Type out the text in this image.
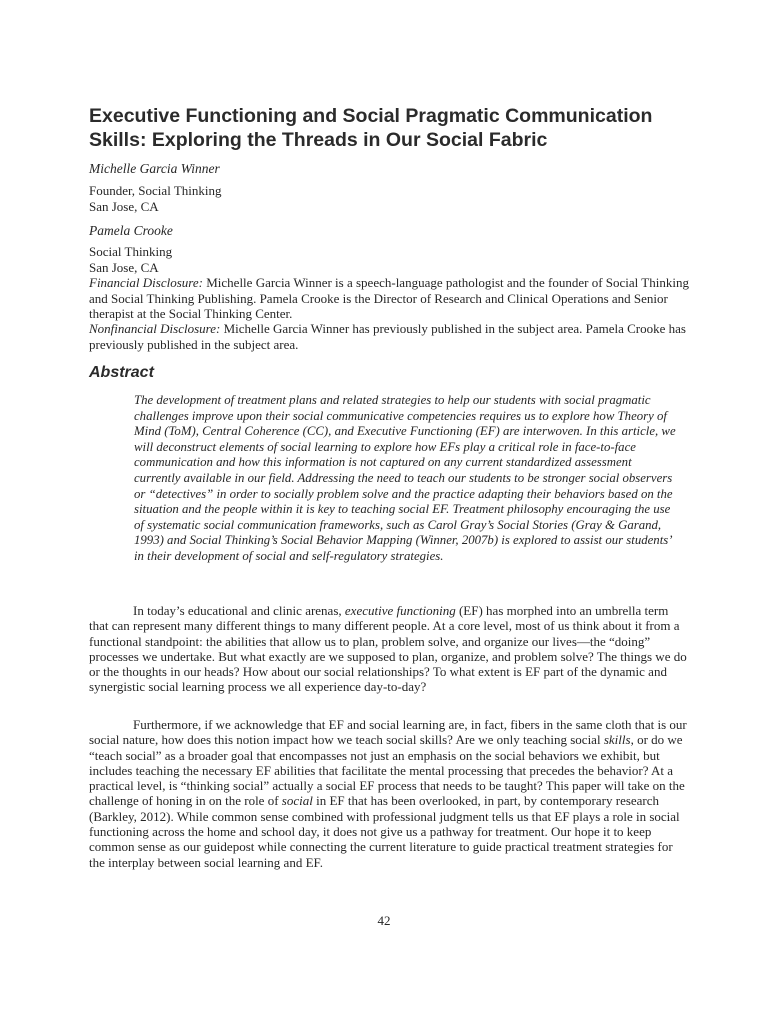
Executive Functioning and Social Pragmatic Communication Skills: Exploring the Threads in Our Social Fabric

Michelle Garcia Winner

Founder, Social Thinking

San Jose, CA

Pamela Crooke

Social Thinking

San Jose, CA

Financial Disclosure: Michelle Garcia Winner is a speech-language pathologist and the founder of Social Thinking and Social Thinking Publishing. Pamela Crooke is the Director of Research and Clinical Operations and Senior therapist at the Social Thinking Center.

Nonfinancial Disclosure: Michelle Garcia Winner has previously published in the subject area. Pamela Crooke has previously published in the subject area.

Abstract

The development of treatment plans and related strategies to help our students with social pragmatic challenges improve upon their social communicative competencies requires us to explore how Theory of Mind (ToM), Central Coherence (CC), and Executive Functioning (EF) are interwoven. In this article, we will deconstruct elements of social learning to explore how EFs play a critical role in face-to-face communication and how this information is not captured on any current standardized assessment currently available in our field. Addressing the need to teach our students to be stronger social observers or “detectives” in order to socially problem solve and the practice adapting their behaviors based on the situation and the people within it is key to teaching social EF. Treatment philosophy encouraging the use of systematic social communication frameworks, such as Carol Gray’s Social Stories (Gray & Garand, 1993) and Social Thinking’s Social Behavior Mapping (Winner, 2007b) is explored to assist our students’ in their development of social and self-regulatory strategies.

In today’s educational and clinic arenas, executive functioning (EF) has morphed into an umbrella term that can represent many different things to many different people. At a core level, most of us think about it from a functional standpoint: the abilities that allow us to plan, problem solve, and organize our lives—the “doing” processes we undertake. But what exactly are we supposed to plan, organize, and problem solve? The things we do or the thoughts in our heads? How about our social relationships? To what extent is EF part of the dynamic and synergistic social learning process we all experience day-to-day?

Furthermore, if we acknowledge that EF and social learning are, in fact, fibers in the same cloth that is our social nature, how does this notion impact how we teach social skills? Are we only teaching social skills, or do we “teach social” as a broader goal that encompasses not just an emphasis on the social behaviors we exhibit, but includes teaching the necessary EF abilities that facilitate the mental processing that precedes the behavior? At a practical level, is “thinking social” actually a social EF process that needs to be taught? This paper will take on the challenge of honing in on the role of social in EF that has been overlooked, in part, by contemporary research (Barkley, 2012). While common sense combined with professional judgment tells us that EF plays a role in social functioning across the home and school day, it does not give us a pathway for treatment. Our hope it to keep common sense as our guidepost while connecting the current literature to guide practical treatment strategies for the interplay between social learning and EF.

42
